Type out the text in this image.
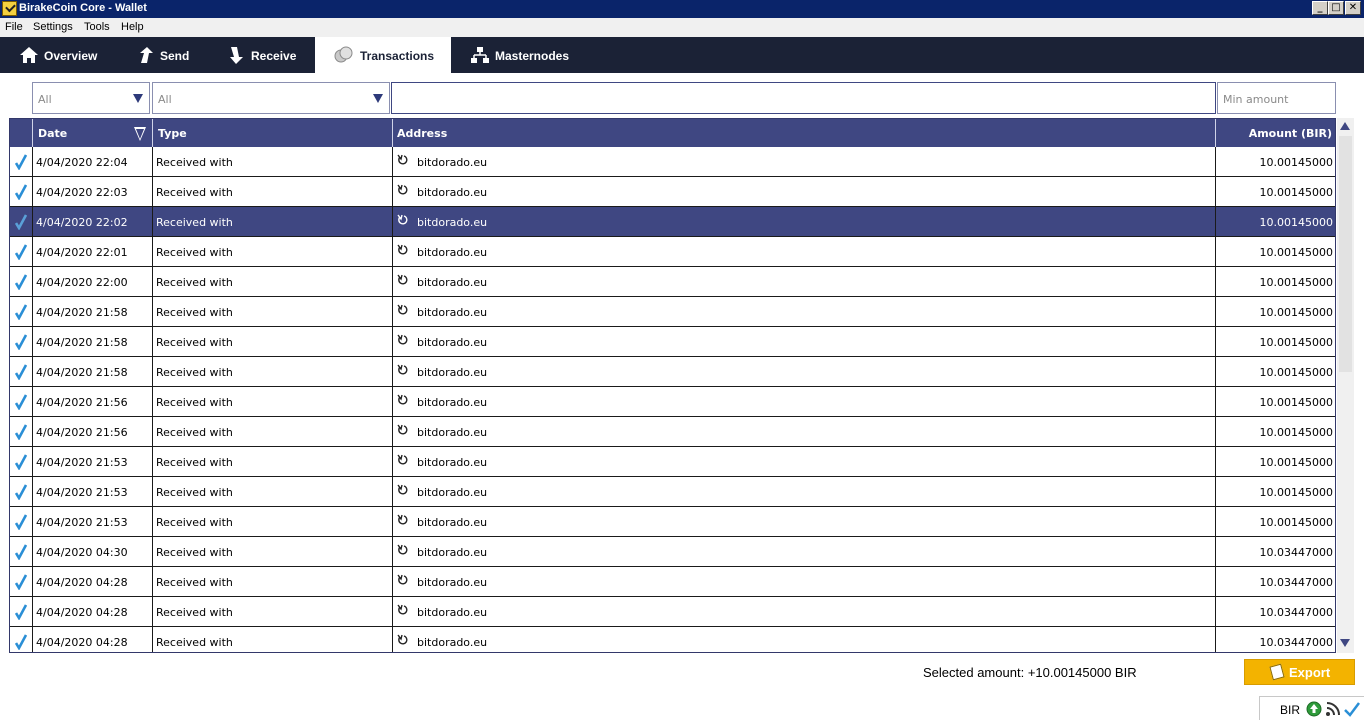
BirakeCoin Core - Wallet	_ □ ✕
File Settings Tools Help
Overview	Send	Receive	Transactions	Masternodes
All	All	Min amount
Date	Type	Address	Amount (BIR)
4/04/2020 22:04	Received with	bitdorado.eu	10.00145000
4/04/2020 22:03	Received with	bitdorado.eu	10.00145000
4/04/2020 22:02	Received with	bitdorado.eu	10.00145000
4/04/2020 22:01	Received with	bitdorado.eu	10.00145000
4/04/2020 22:00	Received with	bitdorado.eu	10.00145000
4/04/2020 21:58	Received with	bitdorado.eu	10.00145000
4/04/2020 21:58	Received with	bitdorado.eu	10.00145000
4/04/2020 21:58	Received with	bitdorado.eu	10.00145000
4/04/2020 21:56	Received with	bitdorado.eu	10.00145000
4/04/2020 21:56	Received with	bitdorado.eu	10.00145000
4/04/2020 21:53	Received with	bitdorado.eu	10.00145000
4/04/2020 21:53	Received with	bitdorado.eu	10.00145000
4/04/2020 21:53	Received with	bitdorado.eu	10.00145000
4/04/2020 04:30	Received with	bitdorado.eu	10.03447000
4/04/2020 04:28	Received with	bitdorado.eu	10.03447000
4/04/2020 04:28	Received with	bitdorado.eu	10.03447000
4/04/2020 04:28	Received with	bitdorado.eu	10.03447000
Selected amount: +10.00145000 BIR	Export
BIR
